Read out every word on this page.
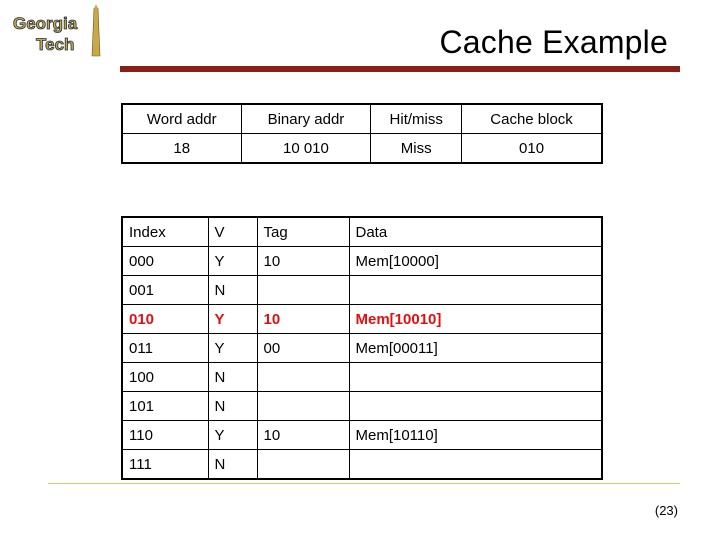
Georgia
Tech	Cache Example
Word addr	Binary addr	Hit/miss	Cache block
18	10 010	Miss	010
Index	V	Tag	Data
000	Y	10	Mem[10000]
001	N		
010	Y	10	Mem[10010]
011	Y	00	Mem[00011]
100	N		
101	N		
110	Y	10	Mem[10110]
111	N		
(23)
